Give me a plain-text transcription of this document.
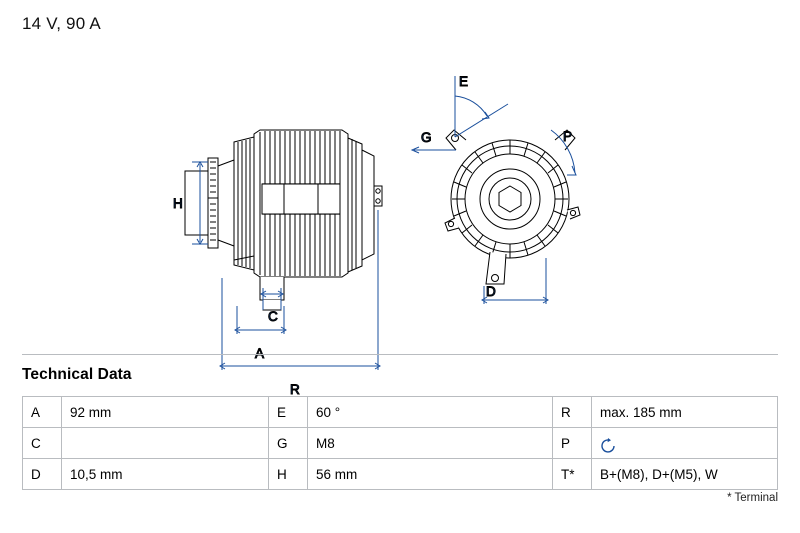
14 V, 90 A
H
C
R
E
G	P
D
Technical Data
A	92 mm	E	60 °	R	max. 185 mm
C		G	M8	P	
D	10,5 mm	H	56 mm	T*	B+(M8), D+(M5), W
* Terminal
